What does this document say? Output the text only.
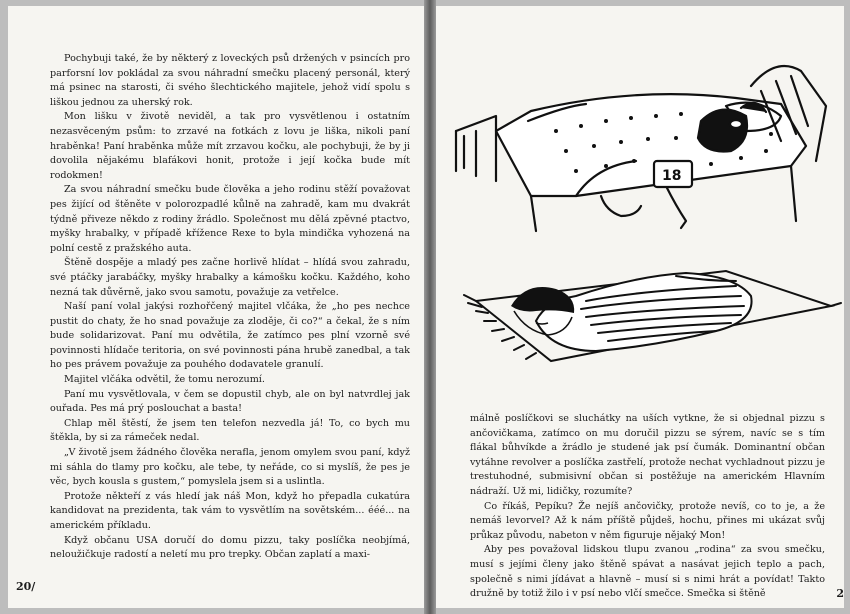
Pochybuji také, že by některý z loveckých psů držených v psincích pro parforsní lov pokládal za svou náhradní smečku placený personál, který má psinec na starosti, či svého šlechtického majitele, jehož vidí spolu s liškou jednou za uherský rok.

Mon lišku v životě neviděl, a tak pro vysvětlenou i ostatním nezasvěceným psům: to zrzavé na fotkách z lovu je liška, nikoli paní hraběnka! Paní hraběnka může mít zrzavou kočku, ale pochybuji, že by ji dovolila nějakému blafákovi honit, protože i její kočka bude mít rodokmen!

Za svou náhradní smečku bude člověka a jeho rodinu stěží považovat pes žijící od štěněte v polorozpadlé kůlně na zahradě, kam mu dvakrát týdně přiveze někdo z rodiny žrádlo. Společnost mu dělá zpěvné ptactvo, myšky hrabalky, v případě křížence Rexe to byla mindička vyhozená na polní cestě z pražského auta.

Štěně dospěje a mladý pes začne horlivě hlídat – hlídá svou zahradu, své ptáčky jarabáčky, myšky hrabalky a kámošku kočku. Každého, koho nezná tak důvěrně, jako svou samotu, považuje za vetřelce.

Naší paní volal jakýsi rozhořčený majitel vlčáka, že „ho pes nechce pustit do chaty, že ho snad považuje za zloděje, či co?“ a čekal, že s ním bude solidarizovat. Paní mu odvětila, že zatímco pes plní vzorně své povinnosti hlídače teritoria, on své povinnosti pána hrubě zanedbal, a tak ho pes právem považuje za pouhého dodavatele granulí.

Majitel vlčáka odvětil, že tomu nerozumí.

Paní mu vysvětlovala, v čem se dopustil chyb, ale on byl natvrdlej jak ouřada. Pes má prý poslouchat a basta!

Chlap měl štěstí, že jsem ten telefon nezvedla já! To, co bych mu štěkla, by si za rámeček nedal.

„V životě jsem žádného člověka nerafla, jenom omylem svou paní, když mi sáhla do tlamy pro kočku, ale tebe, ty neřáde, co si myslíš, že pes je věc, bych kousla s gustem,“ pomyslela jsem si a uslintla.

Protože někteří z vás hledí jak náš Mon, když ho přepadla cukatúra kandidovat na prezidenta, tak vám to vysvětlím na sovětském... ééé... na americkém příkladu.

Když občanu USA doručí do domu pizzu, taky poslíčka neobjímá, neloužičkuje radostí a neletí mu pro trepky. Občan zaplatí a maxi-

20/
18

málně poslíčkovi se sluchátky na uších vytkne, že si objednal pizzu s ančovičkama, zatímco on mu doručil pizzu se sýrem, navíc se s tím flákal bůhvíkde a žrádlo je studené jak psí čumák. Dominantní občan vytáhne revolver a poslíčka zastřelí, protože nechat vychladnout pizzu je trestuhodné, submisivní občan si postěžuje na americkém Hlavním nádraží. Už mi, lidičky, rozumíte?

Co říkáš, Pepíku? Že nejíš ančovičky, protože nevíš, co to je, a že nemáš levorvel? Až k nám příště půjdeš, hochu, přines mi ukázat svůj průkaz původu, nabeton v něm figuruje nějaký Mon!

Aby pes považoval lidskou tlupu zvanou „rodina“ za svou smečku, musí s jejími členy jako štěně spávat a nasávat jejich teplo a pach, společně s nimi jídávat a hlavně – musí si s nimi hrát a povídat! Takto družně by totiž žilo i v psí nebo vlčí smečce. Smečka si štěně	2
